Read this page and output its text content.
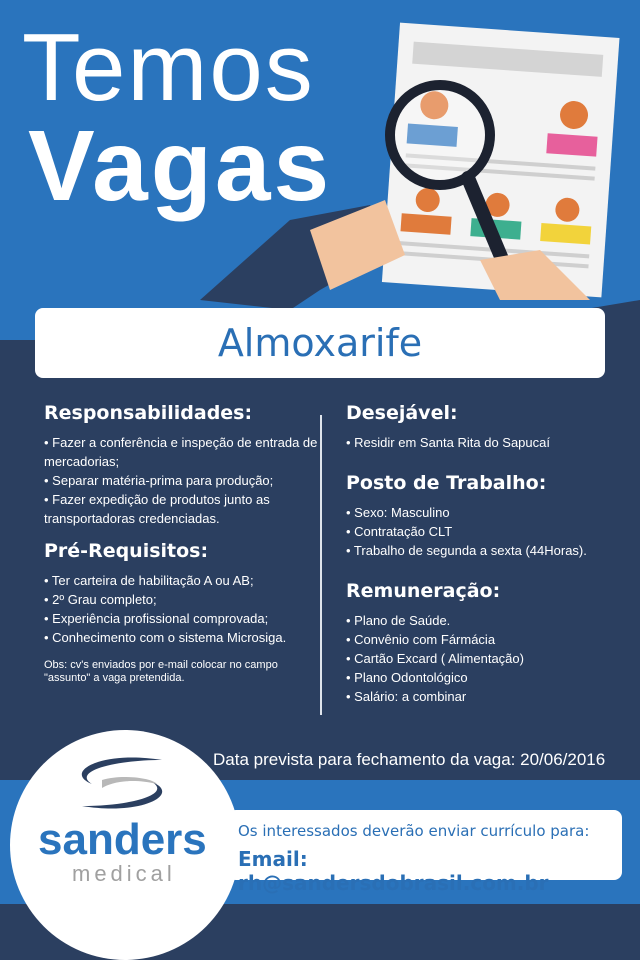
Temos
Vagas
Almoxarife
Responsabilidades:
• Fazer a conferência e inspeção de entrada de mercadorias;
• Separar matéria-prima para produção;
• Fazer expedição de produtos junto as transportadoras credenciadas.
Pré-Requisitos:
• Ter carteira de habilitação A ou AB;
• 2º Grau completo;
• Experiência profissional comprovada;
• Conhecimento com o sistema Microsiga.
Obs: cv's enviados por e-mail colocar no campo "assunto" a vaga pretendida.
Desejável:
• Residir em Santa Rita do Sapucaí
Posto de Trabalho:
• Sexo: Masculino
• Contratação CLT
• Trabalho de segunda a sexta (44Horas).
Remuneração:
• Plano de Saúde.
• Convênio com Fármácia
• Cartão Excard ( Alimentação)
• Plano Odontológico
• Salário: a combinar
Data prevista para fechamento da vaga: 20/06/2016
sanders
medical
Os interessados deverão enviar currículo para:
Email: rh@sandersdobrasil.com.br
